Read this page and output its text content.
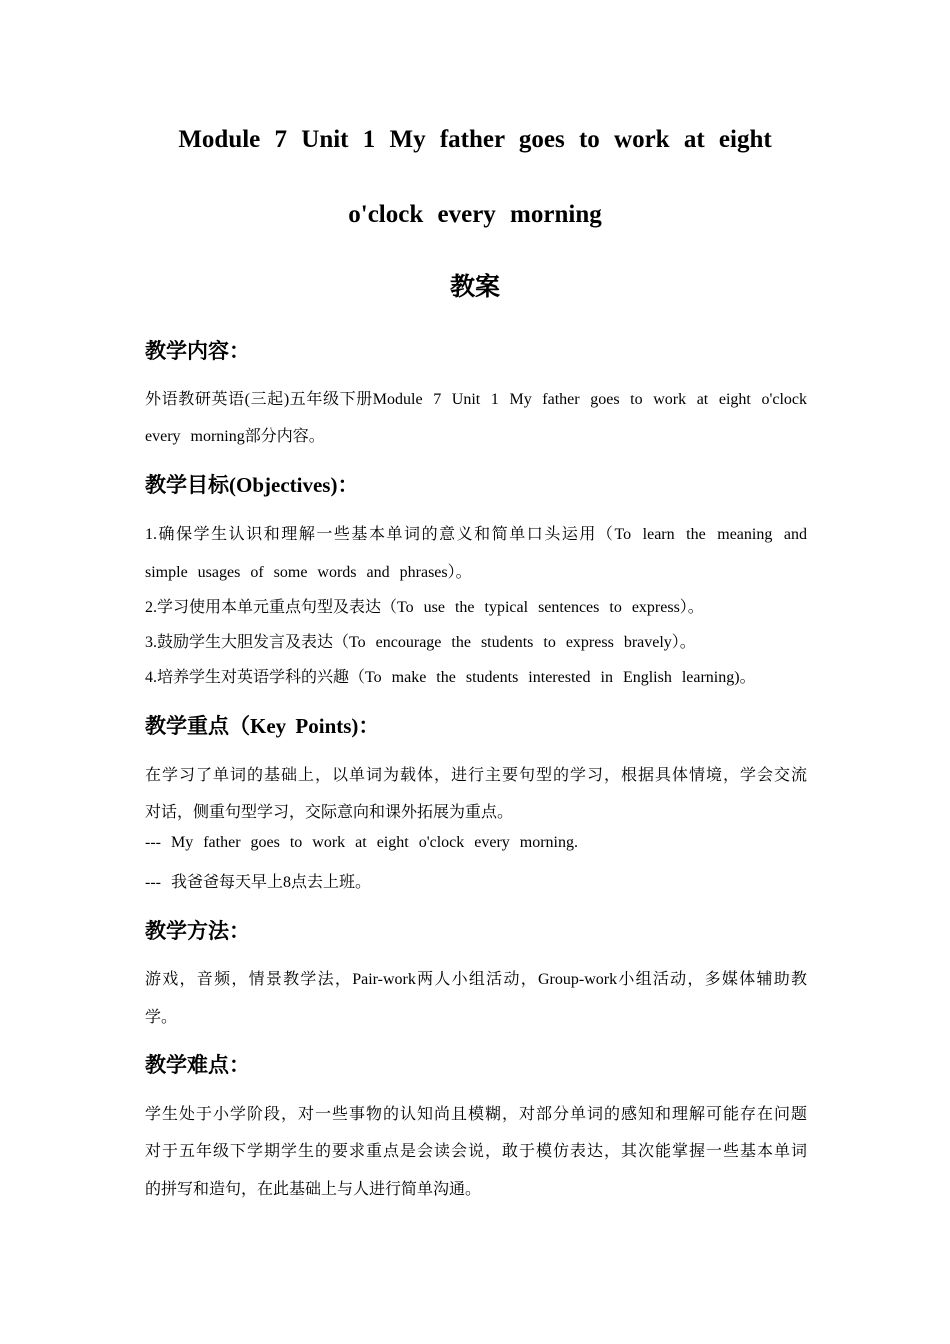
Module 7 Unit 1 My father goes to work at eight
o'clock every morning
教案
教学内容：
外语教研英语(三起)五年级下册Module 7 Unit 1 My father goes to work at eight o'clock
every morning部分内容。
教学目标(Objectives)：
1.确保学生认识和理解一些基本单词的意义和简单口头运用（To learn the meaning and
simple usages of some words and phrases）。
2.学习使用本单元重点句型及表达（To use the typical sentences to express）。
3.鼓励学生大胆发言及表达（To encourage the students to express bravely）。
4.培养学生对英语学科的兴趣（To make the students interested in English learning)。
教学重点（Key Points)：
在学习了单词的基础上，以单词为载体，进行主要句型的学习，根据具体情境，学会交流
对话，侧重句型学习，交际意向和课外拓展为重点。
--- My father goes to work at eight o'clock every morning.
--- 我爸爸每天早上8点去上班。
教学方法：
游戏，音频，情景教学法，Pair-work两人小组活动，Group-work小组活动，多媒体辅助教
学。
教学难点：
学生处于小学阶段，对一些事物的认知尚且模糊，对部分单词的感知和理解可能存在问题
对于五年级下学期学生的要求重点是会读会说，敢于模仿表达，其次能掌握一些基本单词
的拼写和造句，在此基础上与人进行简单沟通。
